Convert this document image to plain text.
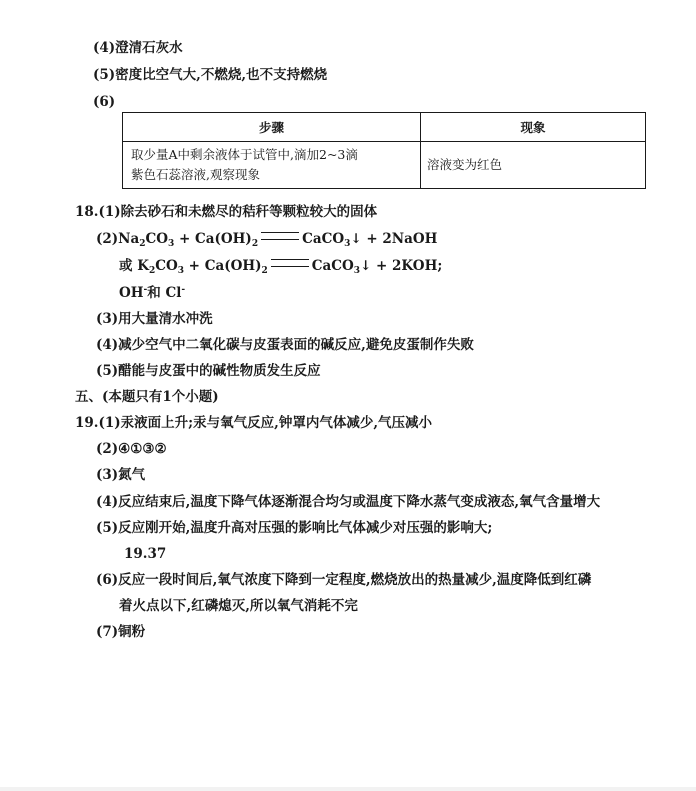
(4)澄清石灰水
(5)密度比空气大,不燃烧,也不支持燃烧
(6)
步骤	现象

取少量A中剩余液体于试管中,滴加2~3滴
紫色石蕊溶液,观察现象	溶液变为红色
18.(1)除去砂石和未燃尽的秸秆等颗粒较大的固体
$(2)Na_2CO_3 + Ca(OH)_2$	CaCO$_3$↓ + 2NaOH
或 $K_2CO_3 + Ca(OH)_2$	CaCO$_3$↓ + 2KOH;
OH-和 Cl-
(3)用大量清水冲洗
(4)减少空气中二氧化碳与皮蛋表面的碱反应,避免皮蛋制作失败
(5)醋能与皮蛋中的碱性物质发生反应
五、(本题只有1个小题)
19.(1)汞液面上升;汞与氧气反应,钟罩内气体减少,气压减小
(2)④①③②
(3)氮气
(4)反应结束后,温度下降气体逐渐混合均匀或温度下降水蒸气变成液态,氧气含量增大
(5)反应刚开始,温度升高对压强的影响比气体减少对压强的影响大;
19.37
(6)反应一段时间后,氧气浓度下降到一定程度,燃烧放出的热量减少,温度降低到红磷
着火点以下,红磷熄灭,所以氧气消耗不完
(7)铜粉
